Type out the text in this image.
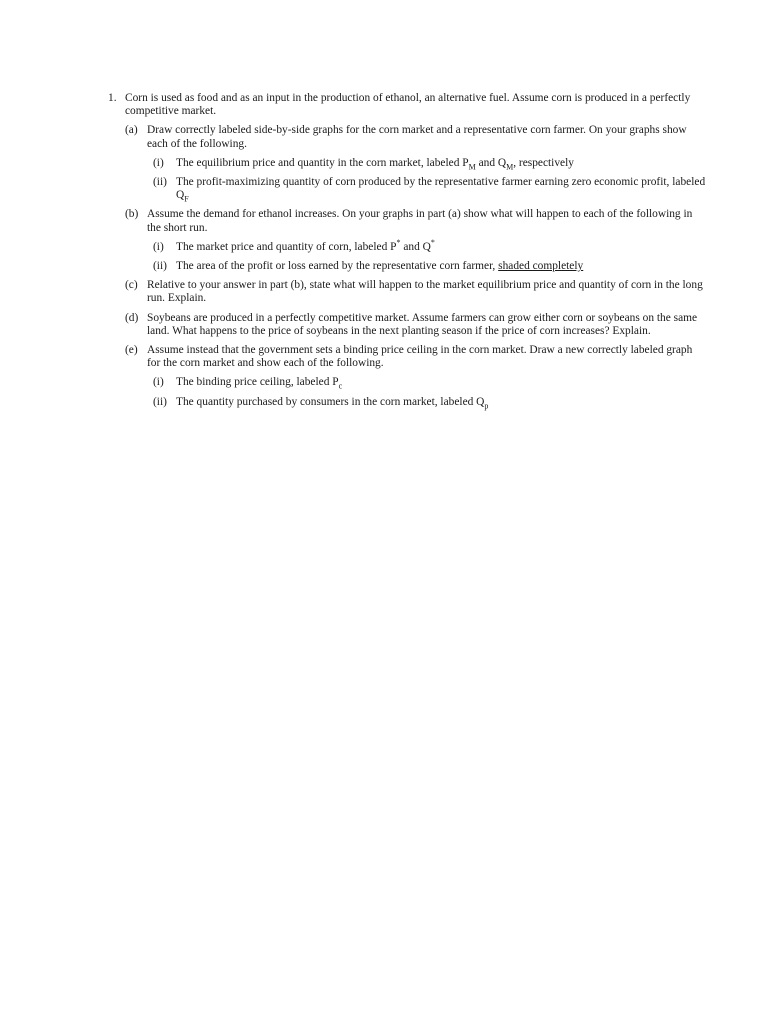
1. Corn is used as food and as an input in the production of ethanol, an alternative fuel. Assume corn is produced in a perfectly competitive market.
(a) Draw correctly labeled side-by-side graphs for the corn market and a representative corn farmer. On your graphs show each of the following.
(i)	The equilibrium price and quantity in the corn market, labeled $P_M$ and $Q_M$, respectively
(ii) The profit-maximizing quantity of corn produced by the representative farmer earning zero economic profit, labeled $Q_F$
(b) Assume the demand for ethanol increases. On your graphs in part (a) show what will happen to each of the following in the short run.
(i)	The market price and quantity of corn, labeled P* and Q*
(ii) The area of the profit or loss earned by the representative corn farmer, shaded completely
(c) Relative to your answer in part (b), state what will happen to the market equilibrium price and quantity of corn in the long run. Explain.
(d) Soybeans are produced in a perfectly competitive market. Assume farmers can grow either corn or soybeans on the same land. What happens to the price of soybeans in the next planting season if the price of corn increases? Explain.
(e) Assume instead that the government sets a binding price ceiling in the corn market. Draw a new correctly labeled graph for the corn market and show each of the following.
(i)	The binding price ceiling, labeled $P_c$
(ii) The quantity purchased by consumers in the corn market, labeled $Q_p$
